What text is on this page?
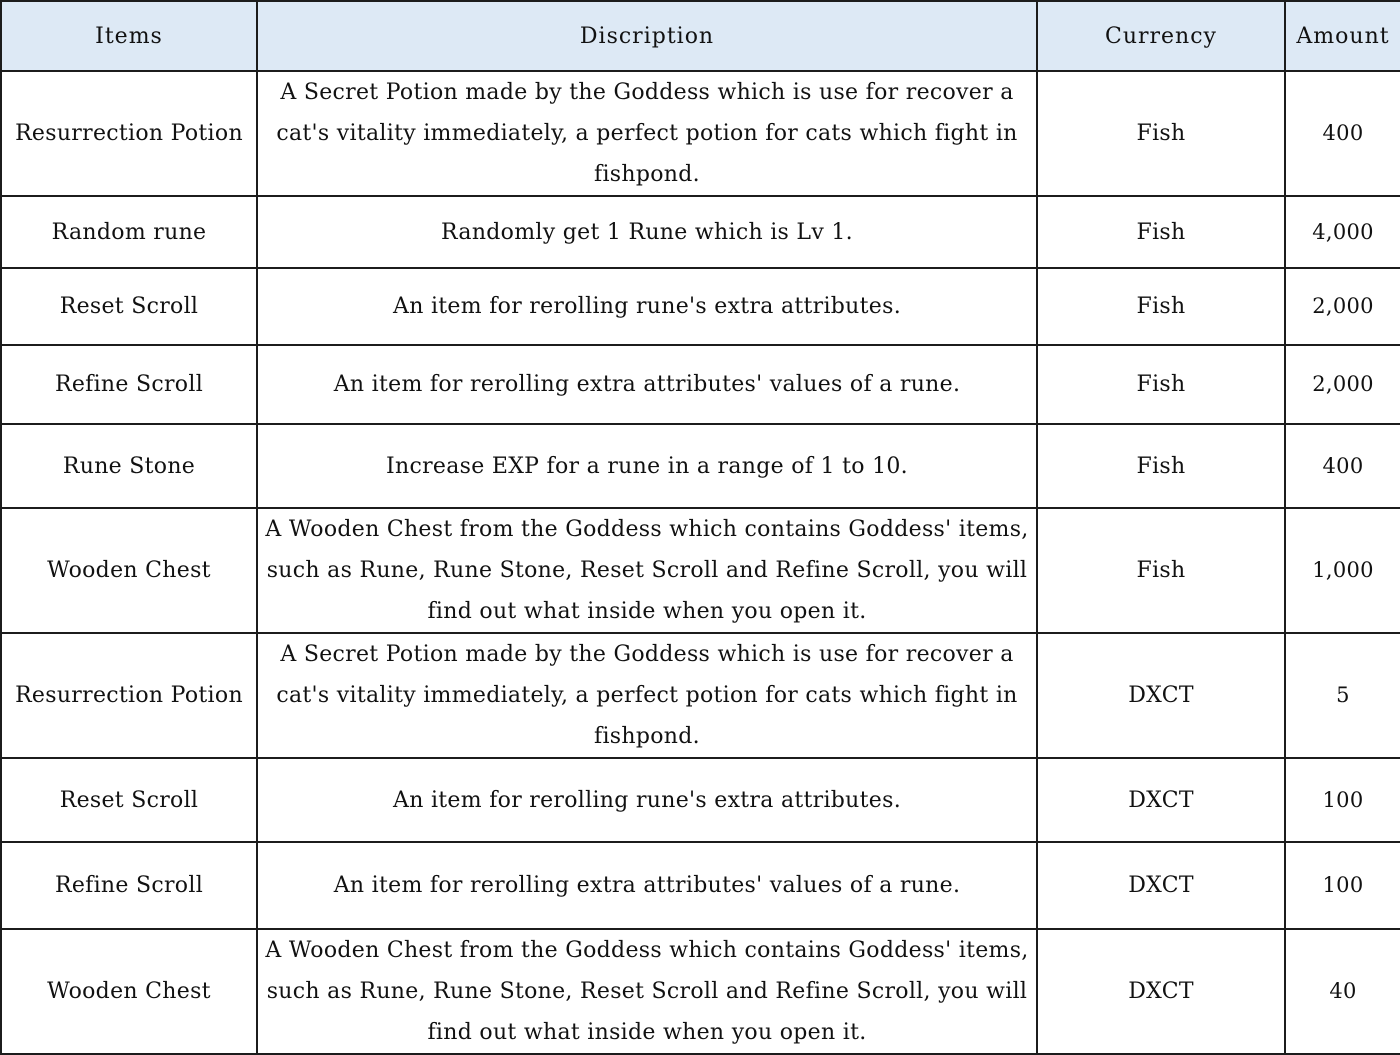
Items	Discription	Currency	Amount
Resurrection Potion	A Secret Potion made by the Goddess which is use for recover a cat's vitality immediately, a perfect potion for cats which fight in fishpond.	Fish	400
Random rune	Randomly get 1 Rune which is Lv 1.	Fish	4,000
Reset Scroll	An item for rerolling rune's extra attributes.	Fish	2,000
Refine Scroll	An item for rerolling extra attributes' values of a rune.	Fish	2,000
Rune Stone	Increase EXP for a rune in a range of 1 to 10.	Fish	400
Wooden Chest	A Wooden Chest from the Goddess which contains Goddess' items, such as Rune, Rune Stone, Reset Scroll and Refine Scroll, you will find out what inside when you open it.	Fish	1,000
Resurrection Potion	A Secret Potion made by the Goddess which is use for recover a cat's vitality immediately, a perfect potion for cats which fight in fishpond.	DXCT	5
Reset Scroll	An item for rerolling rune's extra attributes.	DXCT	100
Refine Scroll	An item for rerolling extra attributes' values of a rune.	DXCT	100
Wooden Chest	A Wooden Chest from the Goddess which contains Goddess' items, such as Rune, Rune Stone, Reset Scroll and Refine Scroll, you will find out what inside when you open it.	DXCT	40
